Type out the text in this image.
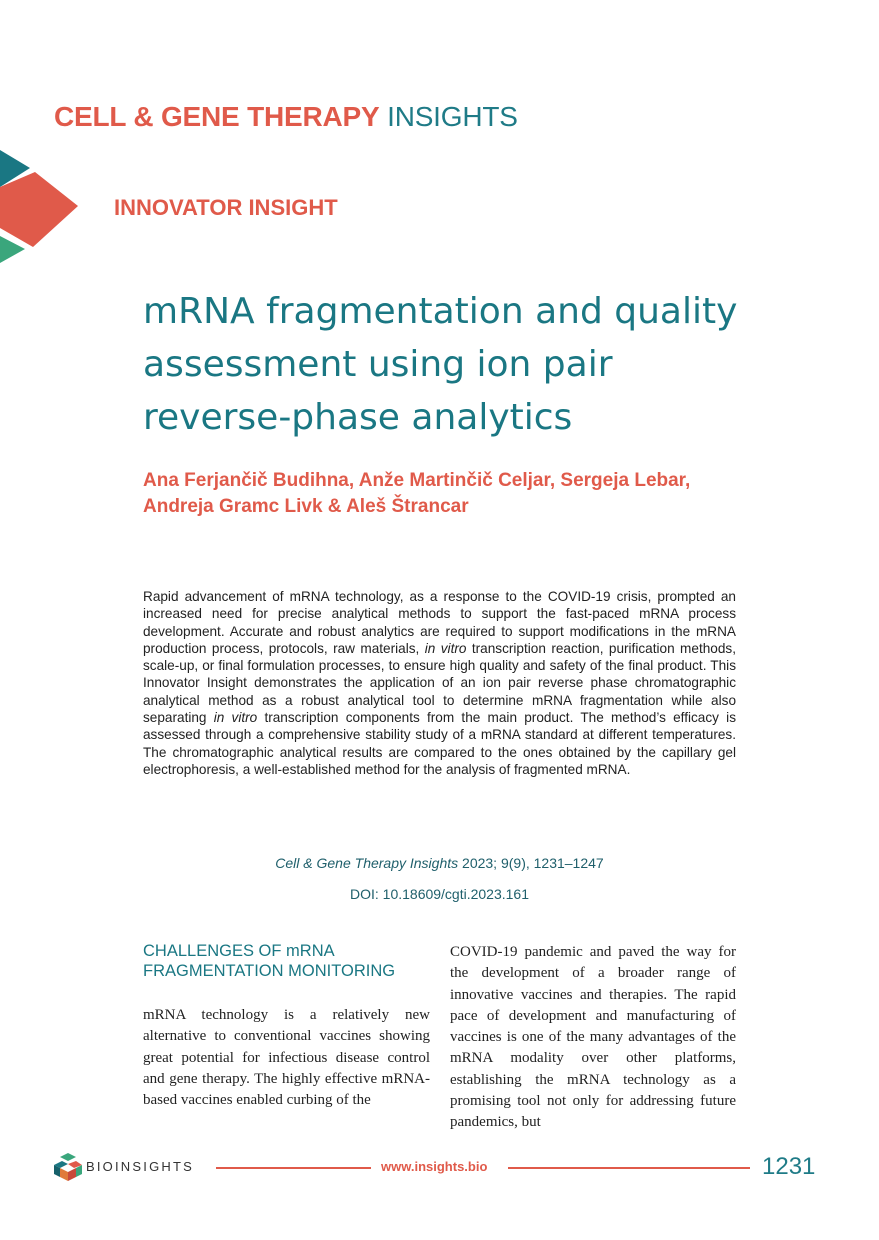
CELL & GENE THERAPY INSIGHTS
INNOVATOR INSIGHT
mRNA fragmentation and quality assessment using ion pair reverse-phase analytics
Ana Ferjančič Budihna, Anže Martinčič Celjar, Sergeja Lebar,
Andreja Gramc Livk & Aleš Štrancar
Rapid advancement of mRNA technology, as a response to the COVID-19 crisis, prompted an increased need for precise analytical methods to support the fast-paced mRNA process development. Accurate and robust analytics are required to support modifications in the mRNA production process, protocols, raw materials, in vitro transcription reaction, purification methods, scale-up, or final formulation processes, to ensure high quality and safety of the final product. This Innovator Insight demonstrates the application of an ion pair reverse phase chromatographic analytical method as a robust analytical tool to determine mRNA fragmentation while also separating in vitro transcription components from the main product. The method’s efficacy is assessed through a comprehensive stability study of a mRNA standard at different temperatures. The chromatographic analytical results are compared to the ones obtained by the capillary gel electrophoresis, a well-established method for the analysis of fragmented mRNA.
Cell & Gene Therapy Insights 2023; 9(9), 1231–1247
DOI: 10.18609/cgti.2023.161
CHALLENGES OF mRNA
FRAGMENTATION MONITORING
mRNA technology is a relatively new alternative to conventional vaccines showing great potential for infectious disease control and gene therapy. The highly effective mRNA-based vaccines enabled curbing of the
COVID-19 pandemic and paved the way for the development of a broader range of innovative vaccines and therapies. The rapid pace of development and manufacturing of vaccines is one of the many advantages of the mRNA modality over other platforms, establishing the mRNA technology as a promising tool not only for addressing future pandemics, but
BIOINSIGHTS	www.insights.bio	1231
